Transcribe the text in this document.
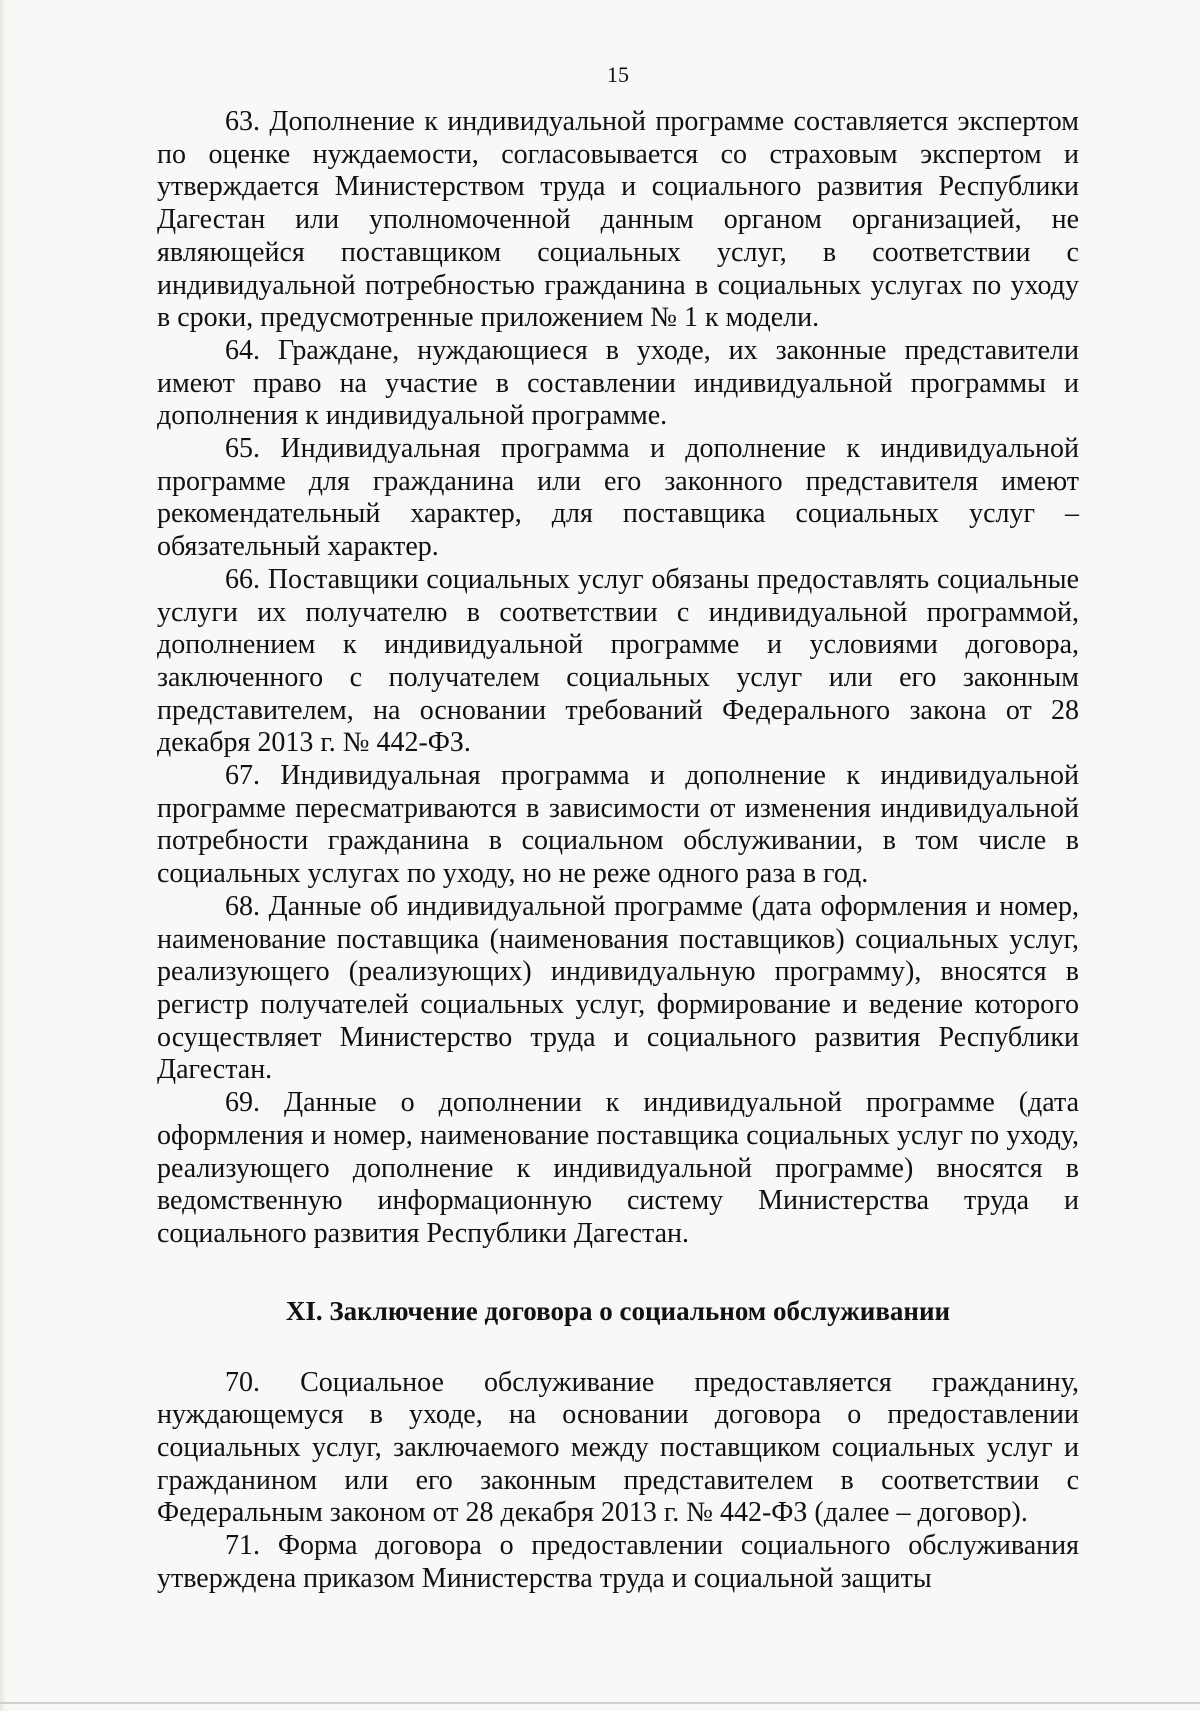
15

63. Дополнение к индивидуальной программе составляется экспертом по оценке нуждаемости, согласовывается со страховым экспертом и утверждается Министерством труда и социального развития Республики Дагестан или уполномоченной данным органом организацией, не являющейся поставщиком социальных услуг, в соответствии с индивидуальной потребностью гражданина в социальных услугах по уходу в сроки, предусмотренные приложением № 1 к модели.

64. Граждане, нуждающиеся в уходе, их законные представители имеют право на участие в составлении индивидуальной программы и дополнения к индивидуальной программе.

65. Индивидуальная программа и дополнение к индивидуальной программе для гражданина или его законного представителя имеют рекомендательный характер, для поставщика социальных услуг – обязательный характер.

66. Поставщики социальных услуг обязаны предоставлять социальные услуги их получателю в соответствии с индивидуальной программой, дополнением к индивидуальной программе и условиями договора, заключенного с получателем социальных услуг или его законным представителем, на основании требований Федерального закона от 28 декабря 2013 г. № 442-ФЗ.

67. Индивидуальная программа и дополнение к индивидуальной программе пересматриваются в зависимости от изменения индивидуальной потребности гражданина в социальном обслуживании, в том числе в социальных услугах по уходу, но не реже одного раза в год.

68. Данные об индивидуальной программе (дата оформления и номер, наименование поставщика (наименования поставщиков) социальных услуг, реализующего (реализующих) индивидуальную программу), вносятся в регистр получателей социальных услуг, формирование и ведение которого осуществляет Министерство труда и социального развития Республики Дагестан.

69. Данные о дополнении к индивидуальной программе (дата оформления и номер, наименование поставщика социальных услуг по уходу, реализующего дополнение к индивидуальной программе) вносятся в ведомственную информационную систему Министерства труда и социального развития Республики Дагестан.

XI. Заключение договора о социальном обслуживании

70. Социальное обслуживание предоставляется гражданину, нуждающемуся в уходе, на основании договора о предоставлении социальных услуг, заключаемого между поставщиком социальных услуг и гражданином или его законным представителем в соответствии с Федеральным законом от 28 декабря 2013 г. № 442-ФЗ (далее – договор).

71. Форма договора о предоставлении социального обслуживания утверждена приказом Министерства труда и социальной защиты
